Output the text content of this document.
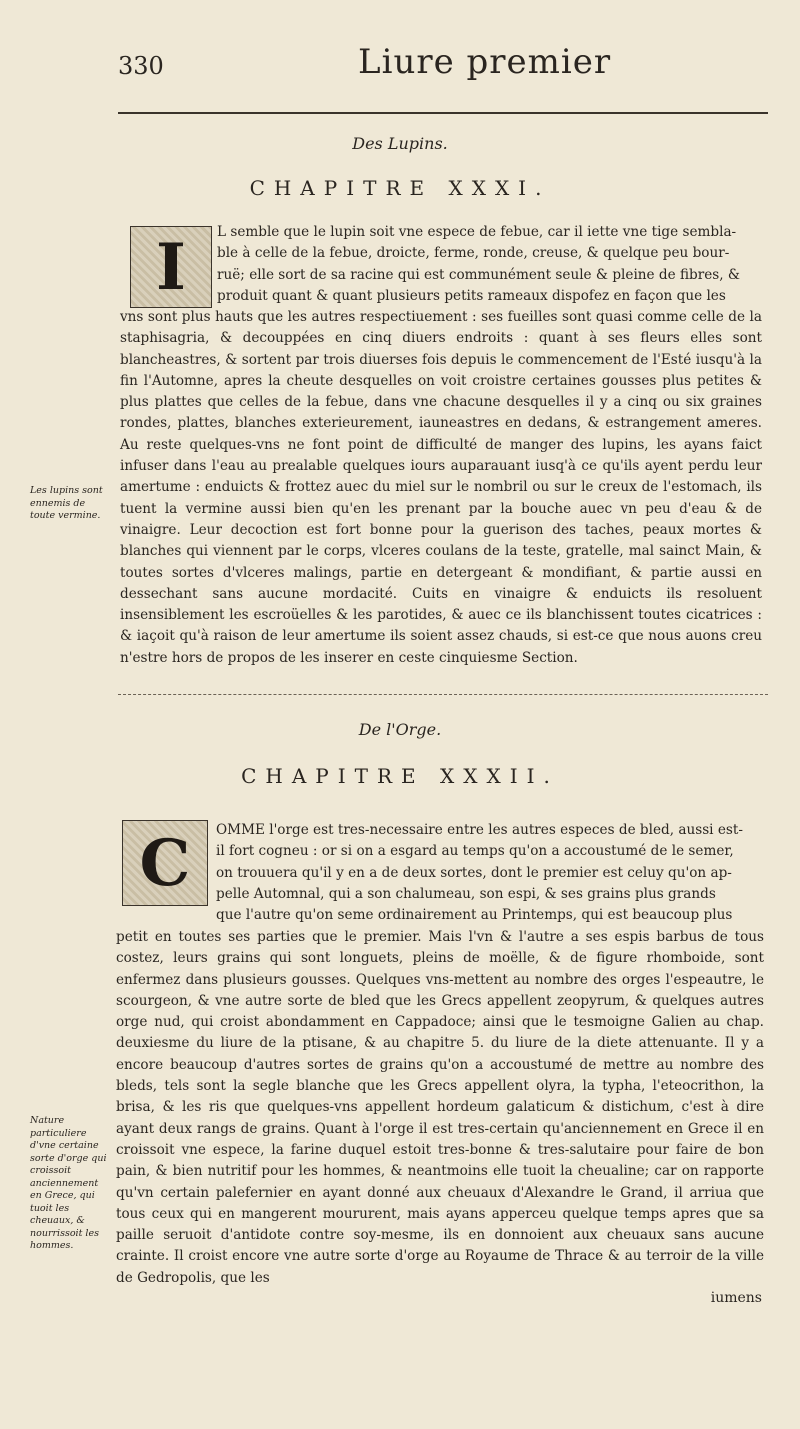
330	Liure premier
Des Lupins.
CHAPITRE XXXI.
I	L semble que le lupin soit vne espece de febue, car il iette vne tige sembla-
ble à celle de la febue, droicte, ferme, ronde, creuse, & quelque peu bour-
ruë; elle sort de sa racine qui est communément seule & pleine de fibres, &
produit quant & quant plusieurs petits rameaux dispofez en façon que les
vns sont plus hauts que les autres respectiuement : ses fueilles sont quasi comme celle de la staphisagria, & decouppées en cinq diuers endroits : quant à ses fleurs elles sont blancheastres, & sortent par trois diuerses fois depuis le commencement de l'Esté iusqu'à la fin l'Automne, apres la cheute desquelles on voit croistre certaines gousses plus petites & plus plattes que celles de la febue, dans vne chacune desquelles il y a cinq ou six graines rondes, plattes, blanches exterieurement, iauneastres en dedans, & estrangement ameres. Au reste quelques-vns ne font point de difficulté de manger des lupins, les ayans faict infuser dans l'eau au prealable quelques iours auparauant iusq'à ce qu'ils ayent perdu leur amertume : enduicts & frottez auec du miel sur le nombril ou sur le creux de l'estomach, ils tuent la vermine aussi bien qu'en les prenant par la bouche auec vn peu d'eau & de vinaigre. Leur decoction est fort bonne pour la guerison des taches, peaux mortes & blanches qui viennent par le corps, vlceres coulans de la teste, gratelle, mal sainct Main, & toutes sortes d'vlceres malings, partie en detergeant & mondifiant, & partie aussi en dessechant sans aucune mordacité. Cuits en vinaigre & enduicts ils resoluent insensiblement les escroüelles & les parotides, & auec ce ils blanchissent toutes cicatrices : & iaçoit qu'à raison de leur amertume ils soient assez chauds, si est-ce que nous auons creu n'estre hors de propos de les inserer en ceste cinquiesme Section.
Les lupins sont ennemis de toute vermine.
De l'Orge.
CHAPITRE XXXII.
C	OMME l'orge est tres-necessaire entre les autres especes de bled, aussi est-
il fort cogneu : or si on a esgard au temps qu'on a accoustumé de le semer,
on trouuera qu'il y en a de deux sortes, dont le premier est celuy qu'on ap-
pelle Automnal, qui a son chalumeau, son espi, & ses grains plus grands
que l'autre qu'on seme ordinairement au Printemps, qui est beaucoup plus
petit en toutes ses parties que le premier. Mais l'vn & l'autre a ses espis barbus de tous costez, leurs grains qui sont longuets, pleins de moëlle, & de figure rhomboide, sont enfermez dans plusieurs gousses. Quelques vns-mettent au nombre des orges l'espeautre, le scourgeon, & vne autre sorte de bled que les Grecs appellent zeopyrum, & quelques autres orge nud, qui croist abondamment en Cappadoce; ainsi que le tesmoigne Galien au chap. deuxiesme du liure de la ptisane, & au chapitre 5. du liure de la diete attenuante. Il y a encore beaucoup d'autres sortes de grains qu'on a accoustumé de mettre au nombre des bleds, tels sont la segle blanche que les Grecs appellent olyra, la typha, l'eteocrithon, la brisa, & les ris que quelques-vns appellent hordeum galaticum & distichum, c'est à dire ayant deux rangs de grains. Quant à l'orge il est tres-certain qu'anciennement en Grece il en croissoit vne espece, la farine duquel estoit tres-bonne & tres-salutaire pour faire de bon pain, & bien nutritif pour les hommes, & neantmoins elle tuoit la cheualine; car on rapporte qu'vn certain palefernier en ayant donné aux cheuaux d'Alexandre le Grand, il arriua que tous ceux qui en mangerent moururent, mais ayans apperceu quelque temps apres que sa paille seruoit d'antidote contre soy-mesme, ils en donnoient aux cheuaux sans aucune crainte. Il croist encore vne autre sorte d'orge au Royaume de Thrace & au terroir de la ville de Gedropolis, que les
Nature particuliere d'vne certaine sorte d'orge qui croissoit anciennement en Grece, qui tuoit les cheuaux, & nourrissoit les hommes.
iumens
